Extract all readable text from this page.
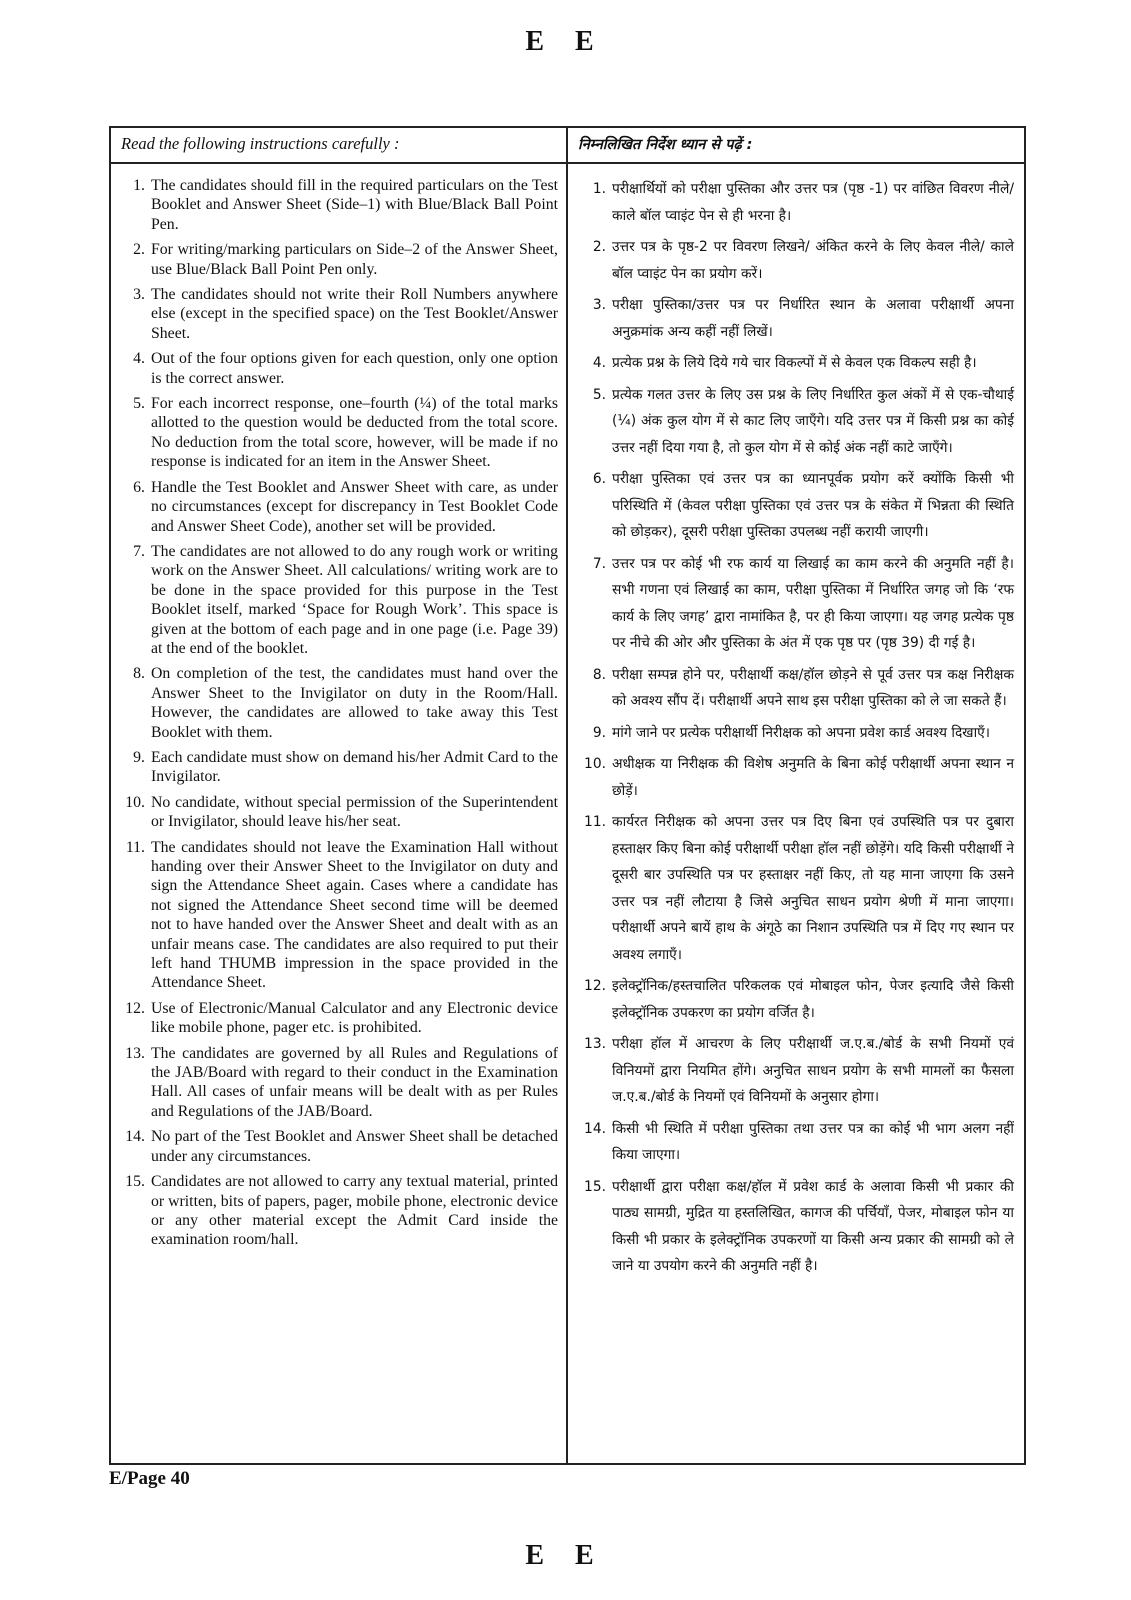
E E
Read the following instructions carefully :
1. The candidates should fill in the required particulars on the Test Booklet and Answer Sheet (Side–1) with Blue/Black Ball Point Pen.
2. For writing/marking particulars on Side–2 of the Answer Sheet, use Blue/Black Ball Point Pen only.
3. The candidates should not write their Roll Numbers anywhere else (except in the specified space) on the Test Booklet/Answer Sheet.
4. Out of the four options given for each question, only one option is the correct answer.
5. For each incorrect response, one–fourth (¼) of the total marks allotted to the question would be deducted from the total score. No deduction from the total score, however, will be made if no response is indicated for an item in the Answer Sheet.
6. Handle the Test Booklet and Answer Sheet with care, as under no circumstances (except for discrepancy in Test Booklet Code and Answer Sheet Code), another set will be provided.
7. The candidates are not allowed to do any rough work or writing work on the Answer Sheet. All calculations/ writing work are to be done in the space provided for this purpose in the Test Booklet itself, marked ‘Space for Rough Work’. This space is given at the bottom of each page and in one page (i.e. Page 39) at the end of the booklet.
8. On completion of the test, the candidates must hand over the Answer Sheet to the Invigilator on duty in the Room/Hall. However, the candidates are allowed to take away this Test Booklet with them.
9. Each candidate must show on demand his/her Admit Card to the Invigilator.
10. No candidate, without special permission of the Superintendent or Invigilator, should leave his/her seat.
11. The candidates should not leave the Examination Hall without handing over their Answer Sheet to the Invigilator on duty and sign the Attendance Sheet again. Cases where a candidate has not signed the Attendance Sheet second time will be deemed not to have handed over the Answer Sheet and dealt with as an unfair means case. The candidates are also required to put their left hand THUMB impression in the space provided in the Attendance Sheet.
12. Use of Electronic/Manual Calculator and any Electronic device like mobile phone, pager etc. is prohibited.
13. The candidates are governed by all Rules and Regulations of the JAB/Board with regard to their conduct in the Examination Hall. All cases of unfair means will be dealt with as per Rules and Regulations of the JAB/Board.
14. No part of the Test Booklet and Answer Sheet shall be detached under any circumstances.
15. Candidates are not allowed to carry any textual material, printed or written, bits of papers, pager, mobile phone, electronic device or any other material except the Admit Card inside the examination room/hall.
निम्नलिखित निर्देश ध्यान से पढ़ें :
1. परीक्षार्थियों को परीक्षा पुस्तिका और उत्तर पत्र (पृष्ठ -1) पर वांछित विवरण नीले/ काले बॉल प्वाइंट पेन से ही भरना है।
2. उत्तर पत्र के पृष्ठ-2 पर विवरण लिखने/ अंकित करने के लिए केवल नीले/ काले बॉल प्वाइंट पेन का प्रयोग करें।
3. परीक्षा पुस्तिका/उत्तर पत्र पर निर्धारित स्थान के अलावा परीक्षार्थी अपना अनुक्रमांक अन्य कहीं नहीं लिखें।
4. प्रत्येक प्रश्न के लिये दिये गये चार विकल्पों में से केवल एक विकल्प सही है।
5. प्रत्येक गलत उत्तर के लिए उस प्रश्न के लिए निर्धारित कुल अंकों में से एक-चौथाई (¼) अंक कुल योग में से काट लिए जाएँगे। यदि उत्तर पत्र में किसी प्रश्न का कोई उत्तर नहीं दिया गया है, तो कुल योग में से कोई अंक नहीं काटे जाएँगे।
6. परीक्षा पुस्तिका एवं उत्तर पत्र का ध्यानपूर्वक प्रयोग करें क्योंकि किसी भी परिस्थिति में (केवल परीक्षा पुस्तिका एवं उत्तर पत्र के संकेत में भिन्नता की स्थिति को छोड़कर), दूसरी परीक्षा पुस्तिका उपलब्ध नहीं करायी जाएगी।
7. उत्तर पत्र पर कोई भी रफ कार्य या लिखाई का काम करने की अनुमति नहीं है। सभी गणना एवं लिखाई का काम, परीक्षा पुस्तिका में निर्धारित जगह जो कि ‘रफ कार्य के लिए जगह’ द्वारा नामांकित है, पर ही किया जाएगा। यह जगह प्रत्येक पृष्ठ पर नीचे की ओर और पुस्तिका के अंत में एक पृष्ठ पर (पृष्ठ 39) दी गई है।
8. परीक्षा सम्पन्न होने पर, परीक्षार्थी कक्ष/हॉल छोड़ने से पूर्व उत्तर पत्र कक्ष निरीक्षक को अवश्य सौंप दें। परीक्षार्थी अपने साथ इस परीक्षा पुस्तिका को ले जा सकते हैं।
9. मांगे जाने पर प्रत्येक परीक्षार्थी निरीक्षक को अपना प्रवेश कार्ड अवश्य दिखाएँ।
10. अधीक्षक या निरीक्षक की विशेष अनुमति के बिना कोई परीक्षार्थी अपना स्थान न छोड़ें।
11. कार्यरत निरीक्षक को अपना उत्तर पत्र दिए बिना एवं उपस्थिति पत्र पर दुबारा हस्ताक्षर किए बिना कोई परीक्षार्थी परीक्षा हॉल नहीं छोड़ेंगे। यदि किसी परीक्षार्थी ने दूसरी बार उपस्थिति पत्र पर हस्ताक्षर नहीं किए, तो यह माना जाएगा कि उसने उत्तर पत्र नहीं लौटाया है जिसे अनुचित साधन प्रयोग श्रेणी में माना जाएगा। परीक्षार्थी अपने बायें हाथ के अंगूठे का निशान उपस्थिति पत्र में दिए गए स्थान पर अवश्य लगाएँ।
12. इलेक्ट्रॉनिक/हस्तचालित परिकलक एवं मोबाइल फोन, पेजर इत्यादि जैसे किसी इलेक्ट्रॉनिक उपकरण का प्रयोग वर्जित है।
13. परीक्षा हॉल में आचरण के लिए परीक्षार्थी ज.ए.ब./बोर्ड के सभी नियमों एवं विनियमों द्वारा नियमित होंगे। अनुचित साधन प्रयोग के सभी मामलों का फैसला ज.ए.ब./बोर्ड के नियमों एवं विनियमों के अनुसार होगा।
14. किसी भी स्थिति में परीक्षा पुस्तिका तथा उत्तर पत्र का कोई भी भाग अलग नहीं किया जाएगा।
15. परीक्षार्थी द्वारा परीक्षा कक्ष/हॉल में प्रवेश कार्ड के अलावा किसी भी प्रकार की पाठ्य सामग्री, मुद्रित या हस्तलिखित, कागज की पर्चियाँ, पेजर, मोबाइल फोन या किसी भी प्रकार के इलेक्ट्रॉनिक उपकरणों या किसी अन्य प्रकार की सामग्री को ले जाने या उपयोग करने की अनुमति नहीं है।
E/Page 40
E E
